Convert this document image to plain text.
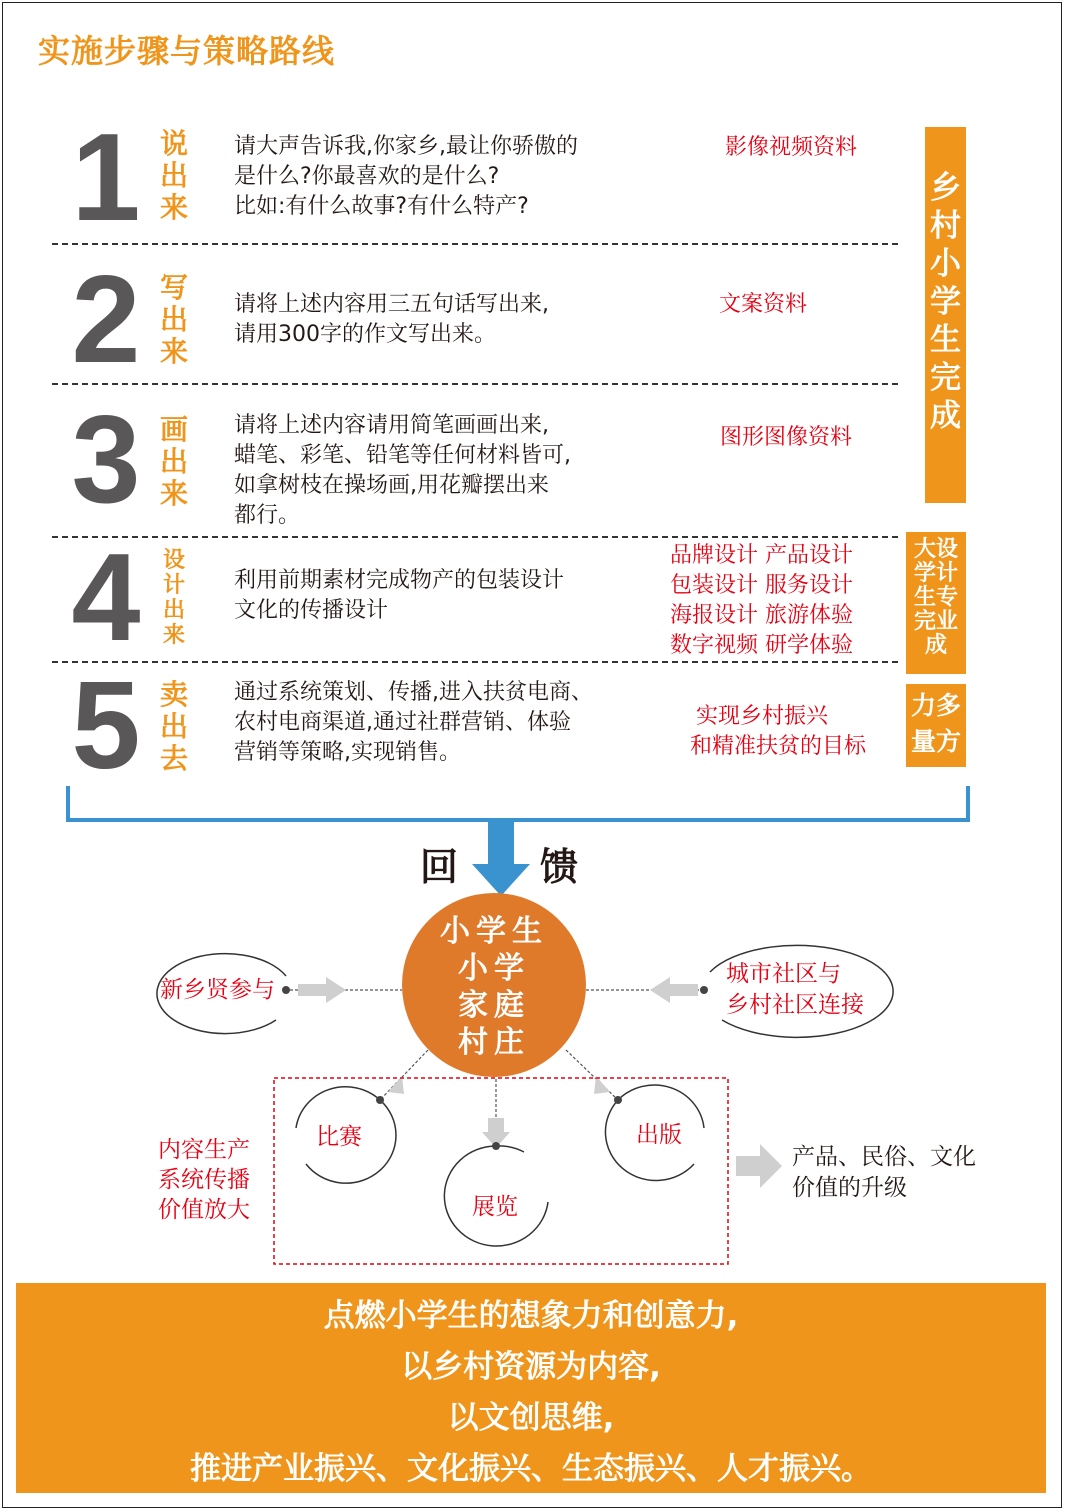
实施步骤与策略路线
1 说出来
请大声告诉我,你家乡,最让你骄傲的
是什么?你最喜欢的是什么?
比如:有什么故事?有什么特产?
影像视频资料
2 写出来
请将上述内容用三五句话写出来,
请用300字的作文写出来。
文案资料
3 画出来
请将上述内容请用简笔画画出来,
蜡笔、彩笔、铅笔等任何材料皆可,
如拿树枝在操场画,用花瓣摆出来
都行。
图形图像资料
4	设计出来
利用前期素材完成物产的包装设计
文化的传播设计
品牌设计 产品设计
包装设计 服务设计
海报设计 旅游体验
数字视频 研学体验
5 卖出去
通过系统策划、传播,进入扶贫电商、
农村电商渠道,通过社群营销、体验
营销等策略,实现销售。
实现乡村振兴
和精准扶贫的目标
乡村小学生完成
大设学计生专完业成
力多量方
回 馈
小学生
小学
家庭
村庄
新乡贤参与
城市社区与
乡村社区连接
比赛	出版
展览
内容生产
系统传播
价值放大
产品、民俗、文化
价值的升级
点燃小学生的想象力和创意力,
以乡村资源为内容,
以文创思维,
推进产业振兴、文化振兴、生态振兴、人才振兴。
